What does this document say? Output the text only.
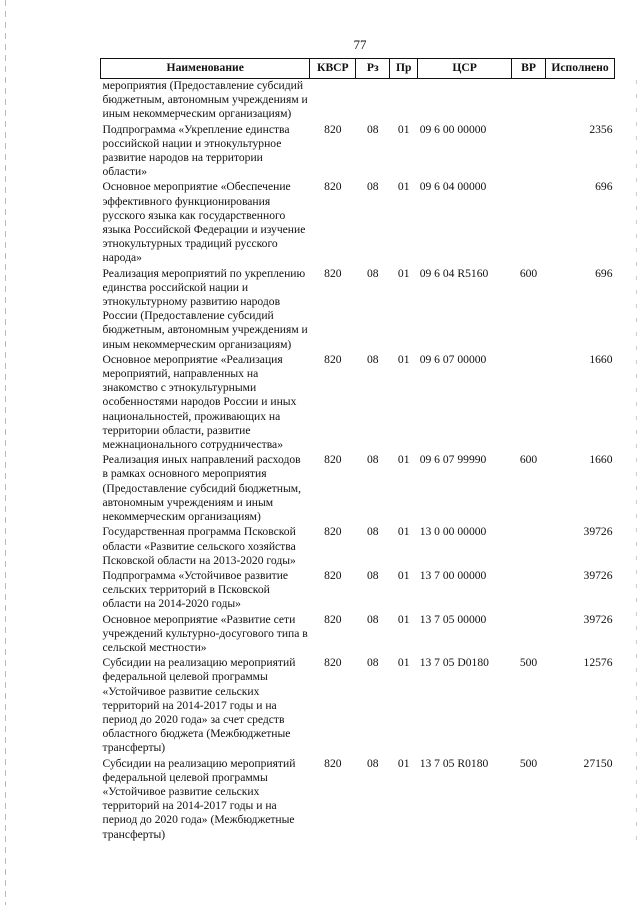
77
Наименование	КВСР	Рз	Пр	ЦСР	ВР	Исполнено
мероприятия (Предоставление субсидий бюджетным, автономным учреждениям и иным некоммерческим организациям)						
Подпрограмма «Укрепление единства российской нации и этнокультурное развитие народов на территории области»	820	08	01	09 6 00 00000		2356
Основное мероприятие «Обеспечение эффективного функционирования русского языка как государственного языка Российской Федерации и изучение этнокультурных традиций русского народа»	820	08	01	09 6 04 00000		696
Реализация мероприятий по укреплению единства российской нации и этнокультурному развитию народов России (Предоставление субсидий бюджетным, автономным учреждениям и иным некоммерческим организациям)	820	08	01	09 6 04 R5160	600	696
Основное мероприятие «Реализация мероприятий, направленных на знакомство с этнокультурными особенностями народов России и иных национальностей, проживающих на территории области, развитие межнационального сотрудничества»	820	08	01	09 6 07 00000		1660
Реализация иных направлений расходов в рамках основного мероприятия (Предоставление субсидий бюджетным, автономным учреждениям и иным некоммерческим организациям)	820	08	01	09 6 07 99990	600	1660
Государственная программа Псковской области «Развитие сельского хозяйства Псковской области на 2013-2020 годы»	820	08	01	13 0 00 00000		39726
Подпрограмма «Устойчивое развитие сельских территорий в Псковской области на 2014-2020 годы»	820	08	01	13 7 00 00000		39726
Основное мероприятие «Развитие сети учреждений культурно-досугового типа в сельской местности»	820	08	01	13 7 05 00000		39726
Субсидии на реализацию мероприятий федеральной целевой программы «Устойчивое развитие сельских территорий на 2014-2017 годы и на период до 2020 года» за счет средств областного бюджета (Межбюджетные трансферты)	820	08	01	13 7 05 D0180	500	12576
Субсидии на реализацию мероприятий федеральной целевой программы «Устойчивое развитие сельских территорий на 2014-2017 годы и на период до 2020 года» (Межбюджетные трансферты)	820	08	01	13 7 05 R0180	500	27150
